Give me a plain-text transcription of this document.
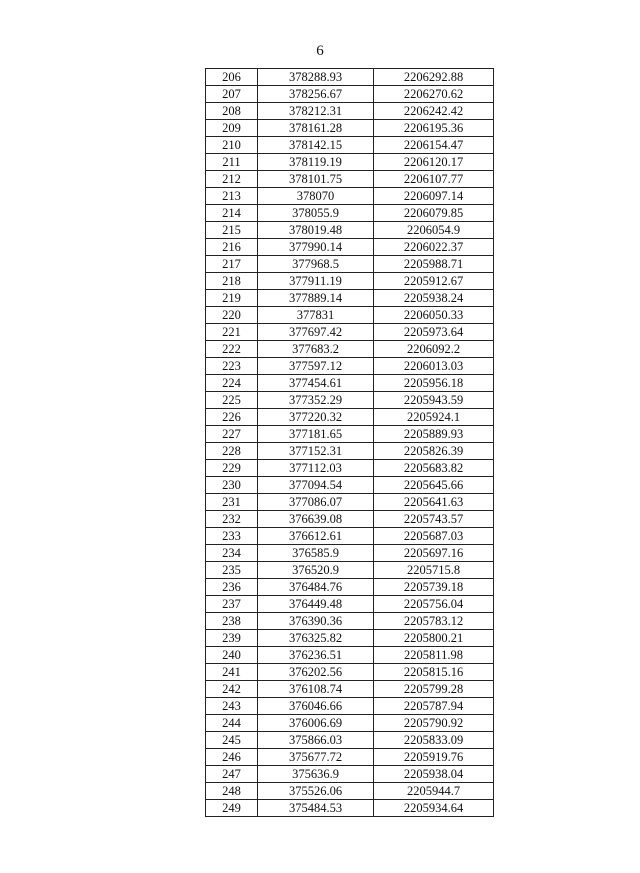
6
206	378288.93	2206292.88
207	378256.67	2206270.62
208	378212.31	2206242.42
209	378161.28	2206195.36
210	378142.15	2206154.47
211	378119.19	2206120.17
212	378101.75	2206107.77
213	378070	2206097.14
214	378055.9	2206079.85
215	378019.48	2206054.9
216	377990.14	2206022.37
217	377968.5	2205988.71
218	377911.19	2205912.67
219	377889.14	2205938.24
220	377831	2206050.33
221	377697.42	2205973.64
222	377683.2	2206092.2
223	377597.12	2206013.03
224	377454.61	2205956.18
225	377352.29	2205943.59
226	377220.32	2205924.1
227	377181.65	2205889.93
228	377152.31	2205826.39
229	377112.03	2205683.82
230	377094.54	2205645.66
231	377086.07	2205641.63
232	376639.08	2205743.57
233	376612.61	2205687.03
234	376585.9	2205697.16
235	376520.9	2205715.8
236	376484.76	2205739.18
237	376449.48	2205756.04
238	376390.36	2205783.12
239	376325.82	2205800.21
240	376236.51	2205811.98
241	376202.56	2205815.16
242	376108.74	2205799.28
243	376046.66	2205787.94
244	376006.69	2205790.92
245	375866.03	2205833.09
246	375677.72	2205919.76
247	375636.9	2205938.04
248	375526.06	2205944.7
249	375484.53	2205934.64
